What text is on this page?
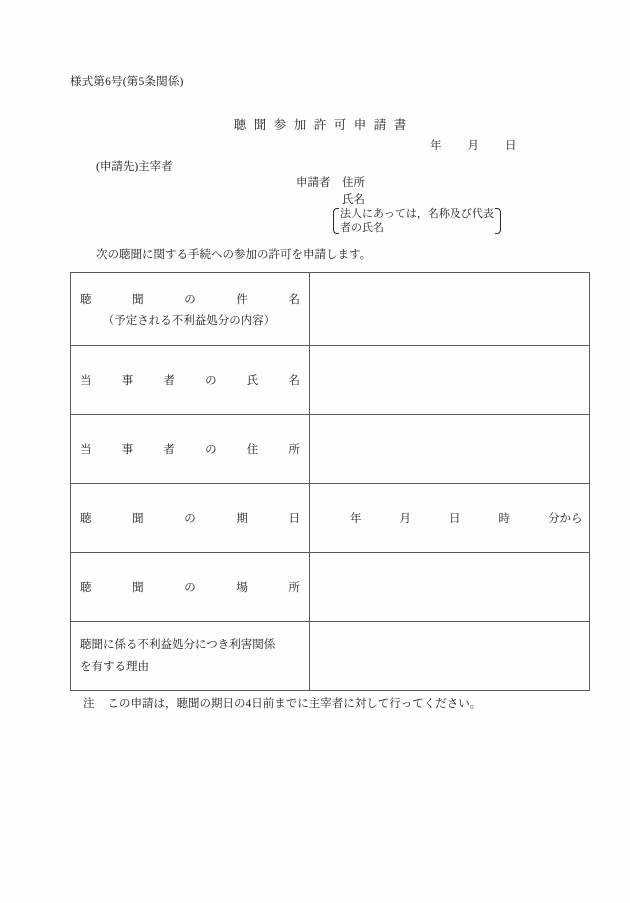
様式第6号(第5条関係)
聴聞参加許可申請書
年 月 日
(申請先)主宰者
申請者 住所
氏名
法人にあっては，名称及び代表
者の氏名
次の聴聞に関する手続への参加の許可を申請します。
聴	聞	の	件	名
（予定される不利益処分の内容）

当	事	者	の	氏	名

当	事	者	の	住	所

聴 聞 の 期 日	年 月 日 時 分から

聴 聞 の 場 所	

聴聞に係る不利益処分につき利害関係
を有する理由	

注 この申請は，聴聞の期日の4日前までに主宰者に対して行ってください。
